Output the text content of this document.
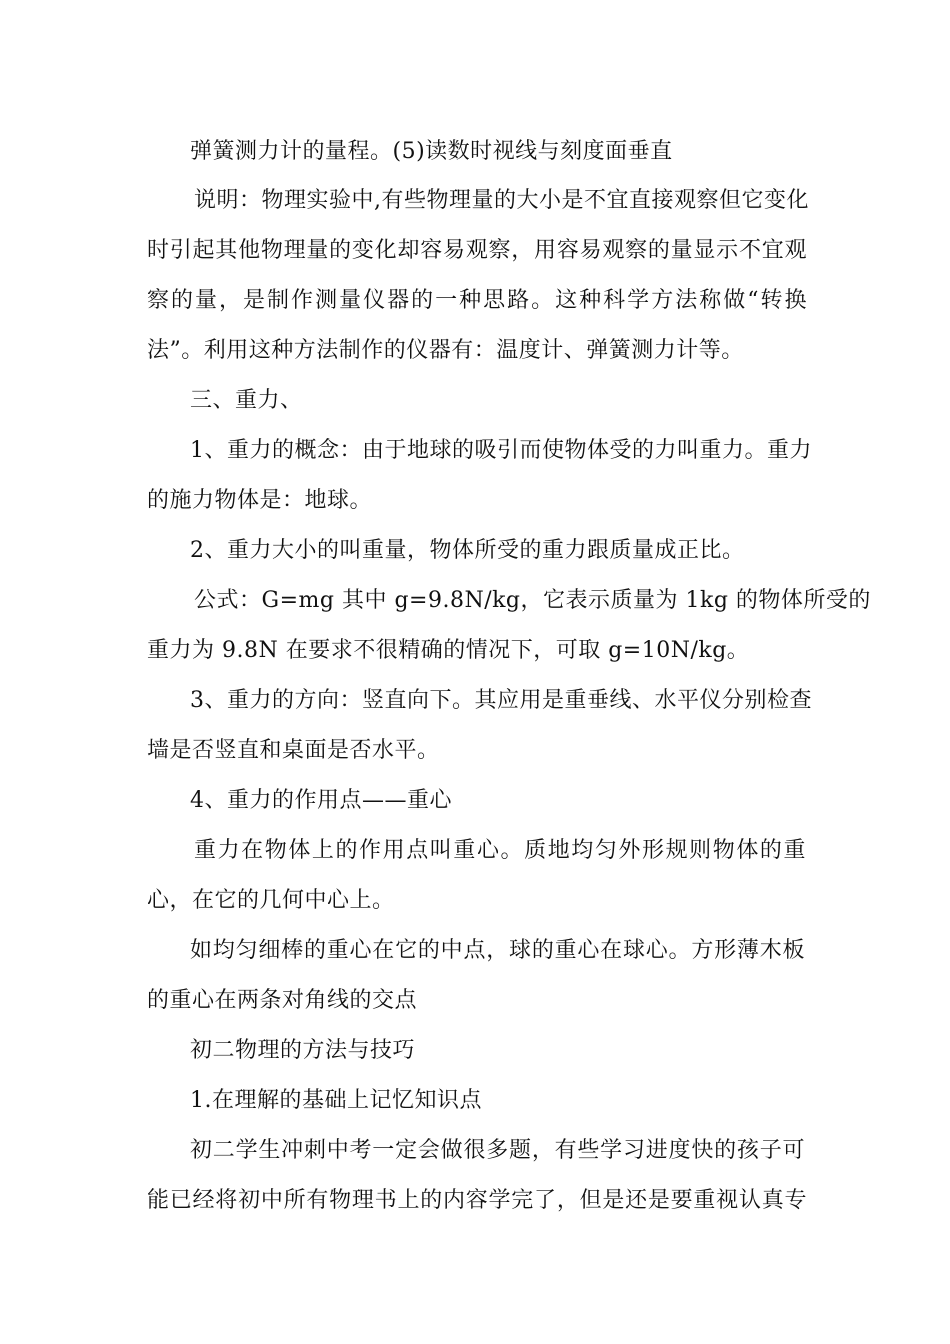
弹簧测力计的量程。(5)读数时视线与刻度面垂直
说明：物理实验中,有些物理量的大小是不宜直接观察但它变化
时引起其他物理量的变化却容易观察，用容易观察的量显示不宜观
察的量，是制作测量仪器的一种思路。这种科学方法称做“转换
法”。利用这种方法制作的仪器有：温度计、弹簧测力计等。
三、重力、
1、重力的概念：由于地球的吸引而使物体受的力叫重力。重力
的施力物体是：地球。
2、重力大小的叫重量，物体所受的重力跟质量成正比。
公式：G=mg 其中 g=9.8N/kg，它表示质量为 1kg 的物体所受的
重力为 9.8N 在要求不很精确的情况下，可取 g=10N/kg。
3、重力的方向：竖直向下。其应用是重垂线、水平仪分别检查
墙是否竖直和桌面是否水平。
4、重力的作用点——重心
重力在物体上的作用点叫重心。质地均匀外形规则物体的重
心，在它的几何中心上。
如均匀细棒的重心在它的中点，球的重心在球心。方形薄木板
的重心在两条对角线的交点
初二物理的方法与技巧
1.在理解的基础上记忆知识点
初二学生冲刺中考一定会做很多题，有些学习进度快的孩子可
能已经将初中所有物理书上的内容学完了，但是还是要重视认真专
